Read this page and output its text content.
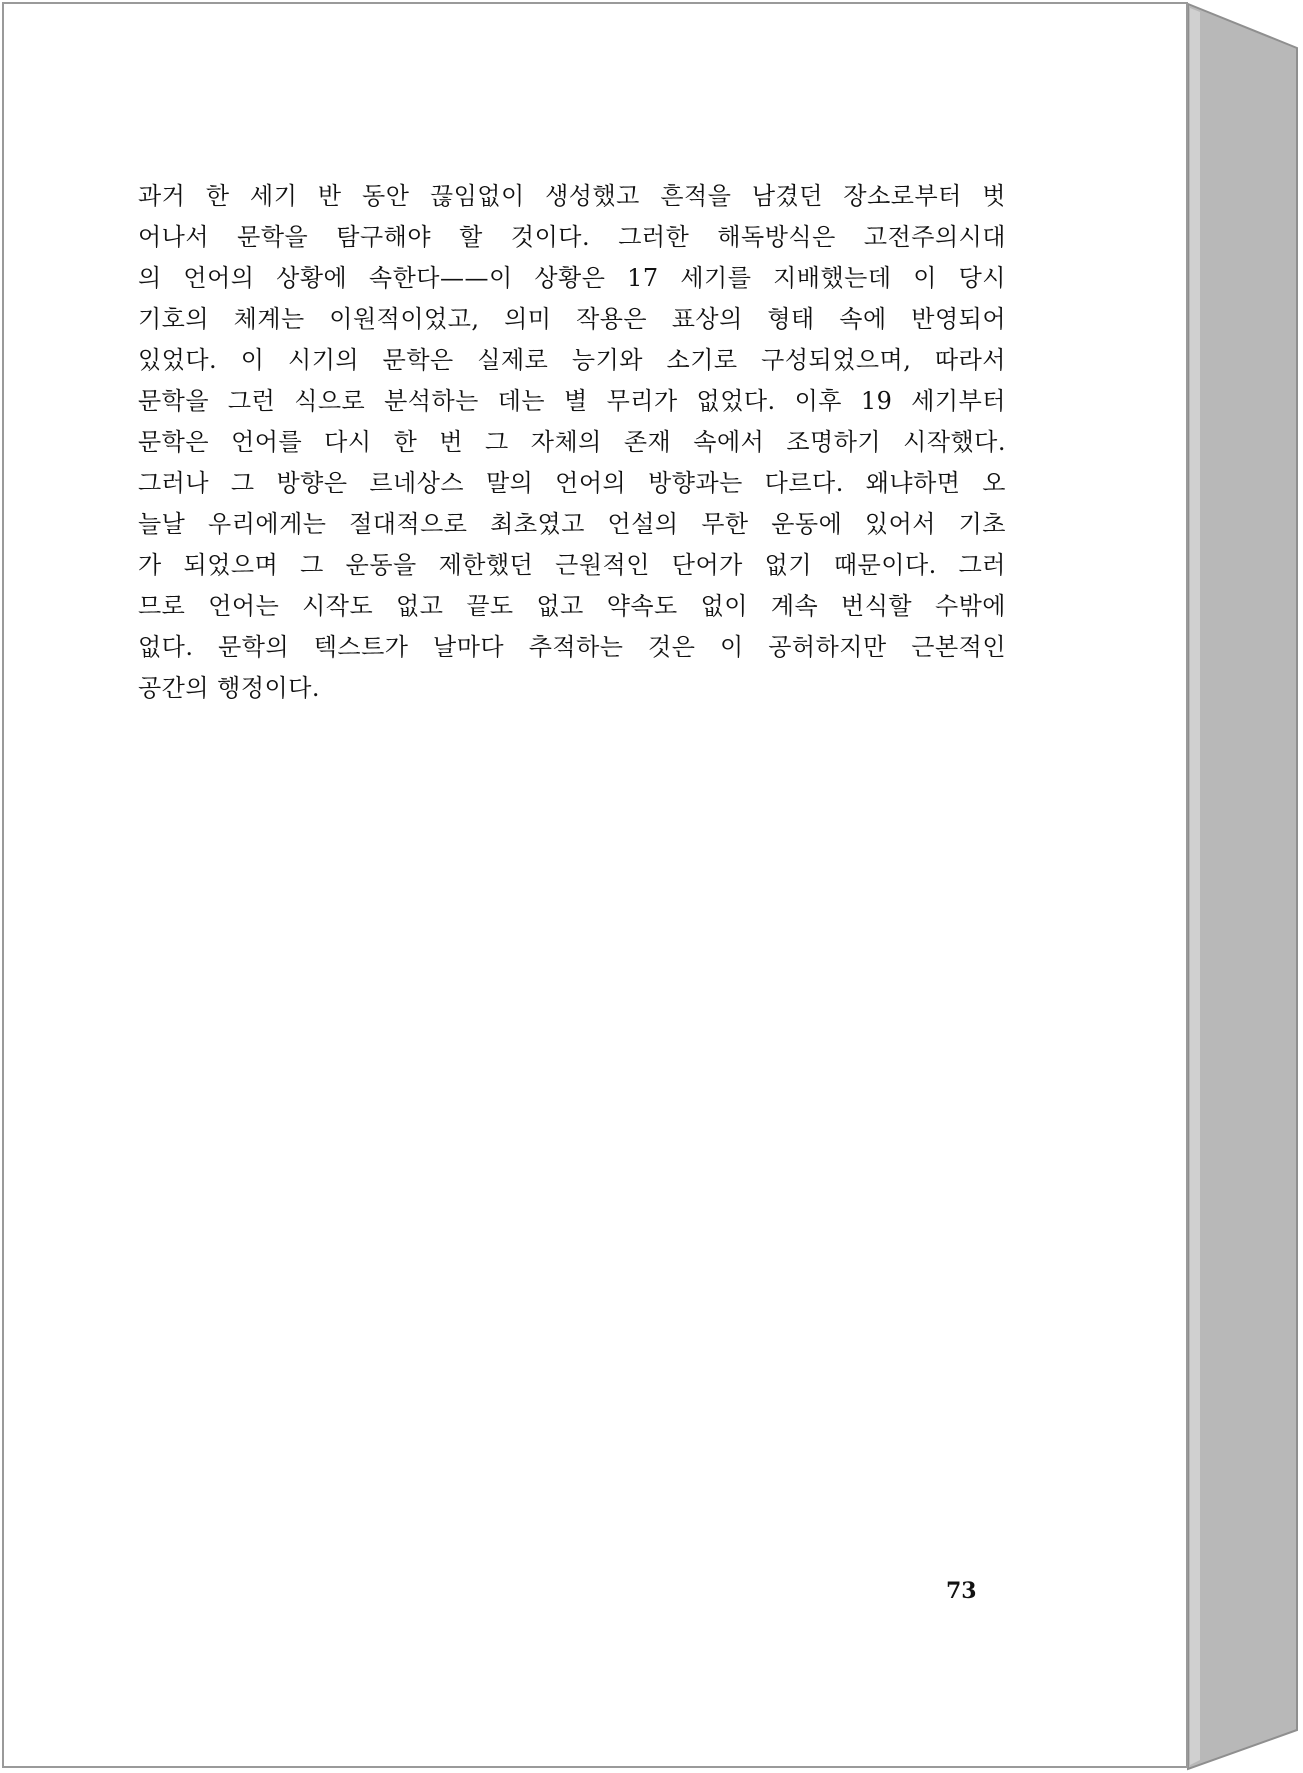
과거 한 세기 반 동안 끊임없이 생성했고 흔적을 남겼던 장소로부터 벗
어나서 문학을 탐구해야 할 것이다. 그러한 해독방식은 고전주의시대
의 언어의 상황에 속한다——이 상황은 17 세기를 지배했는데 이 당시
기호의 체계는 이원적이었고, 의미 작용은 표상의 형태 속에 반영되어
있었다. 이 시기의 문학은 실제로 능기와 소기로 구성되었으며, 따라서
문학을 그런 식으로 분석하는 데는 별 무리가 없었다. 이후 19 세기부터
문학은 언어를 다시 한 번 그 자체의 존재 속에서 조명하기 시작했다.
그러나 그 방향은 르네상스 말의 언어의 방향과는 다르다. 왜냐하면 오
늘날 우리에게는 절대적으로 최초였고 언설의 무한 운동에 있어서 기초
가 되었으며 그 운동을 제한했던 근원적인 단어가 없기 때문이다. 그러
므로 언어는 시작도 없고 끝도 없고 약속도 없이 계속 번식할 수밖에
없다. 문학의 텍스트가 날마다 추적하는 것은 이 공허하지만 근본적인
공간의 행정이다.
73
